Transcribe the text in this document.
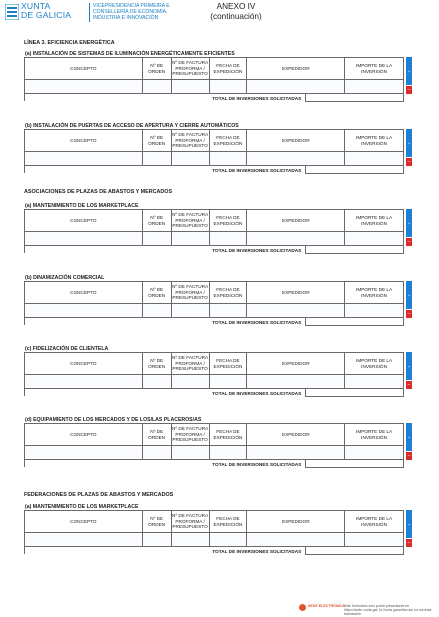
XUNTA
DE GALICIA
VICEPRESIDENCIA PRIMEIRA E
CONSELLERÍA DE ECONOMÍA,
INDUSTRIA E INNOVACIÓN
ANEXO IV
(continuación)
LÍNEA 3. EFICIENCIA ENERGÉTICA
ASOCIACIONES DE PLAZAS DE ABASTOS Y MERCADOS
FEDERACIONES DE PLAZAS DE ABASTOS Y MERCADOS
(a) INSTALACIÓN DE SISTEMAS DE ILUMINACIÓN ENERGÉTICAMENTE EFICIENTES
CONCEPTO
Nº DE ORDEN
Nº DE FACTURA PROFORMA / PRESUPUESTO
FECHA DE EXPEDICIÓN
EXPEDIDOR
IMPORTE DE LA INVERSIÓN
TOTAL DE INVERSIONES SOLICITADAS
+
–
(b) INSTALACIÓN DE PUERTAS DE ACCESO DE APERTURA Y CIERRE AUTOMÁTICOS
CONCEPTO
Nº DE ORDEN
Nº DE FACTURA PROFORMA / PRESUPUESTO
FECHA DE EXPEDICIÓN
EXPEDIDOR
IMPORTE DE LA INVERSIÓN
TOTAL DE INVERSIONES SOLICITADAS
+
–
(a) MANTENIMIENTO DE LOS MARKETPLACE
CONCEPTO
Nº DE ORDEN
Nº DE FACTURA PROFORMA / PRESUPUESTO
FECHA DE EXPEDICIÓN
EXPEDIDOR
IMPORTE DE LA INVERSIÓN
TOTAL DE INVERSIONES SOLICITADAS
+
–
(b) DINAMIZACIÓN COMERCIAL
CONCEPTO
Nº DE ORDEN
Nº DE FACTURA PROFORMA / PRESUPUESTO
FECHA DE EXPEDICIÓN
EXPEDIDOR
IMPORTE DE LA INVERSIÓN
TOTAL DE INVERSIONES SOLICITADAS
+
–
(c) FIDELIZACIÓN DE CLIENTELA
CONCEPTO
Nº DE ORDEN
Nº DE FACTURA PROFORMA / PRESUPUESTO
FECHA DE EXPEDICIÓN
EXPEDIDOR
IMPORTE DE LA INVERSIÓN
TOTAL DE INVERSIONES SOLICITADAS
+
–
(d) EQUIPAMIENTO DE LOS MERCADOS Y DE LOS/LAS PLACEROS/AS
CONCEPTO
Nº DE ORDEN
Nº DE FACTURA PROFORMA / PRESUPUESTO
FECHA DE EXPEDICIÓN
EXPEDIDOR
IMPORTE DE LA INVERSIÓN
TOTAL DE INVERSIONES SOLICITADAS
+
–
(a) MANTENIMIENTO DE LOS MARKETPLACE
CONCEPTO
Nº DE ORDEN
Nº DE FACTURA PROFORMA / PRESUPUESTO
FECHA DE EXPEDICIÓN
EXPEDIDOR
IMPORTE DE LA INVERSIÓN
TOTAL DE INVERSIONES SOLICITADAS
+
–
SEDE ELECTRÓNICA Este formulario solo podrá presentarse en https://sede.xunta.gal, la Xunta garantiza así su correcta tramitación
